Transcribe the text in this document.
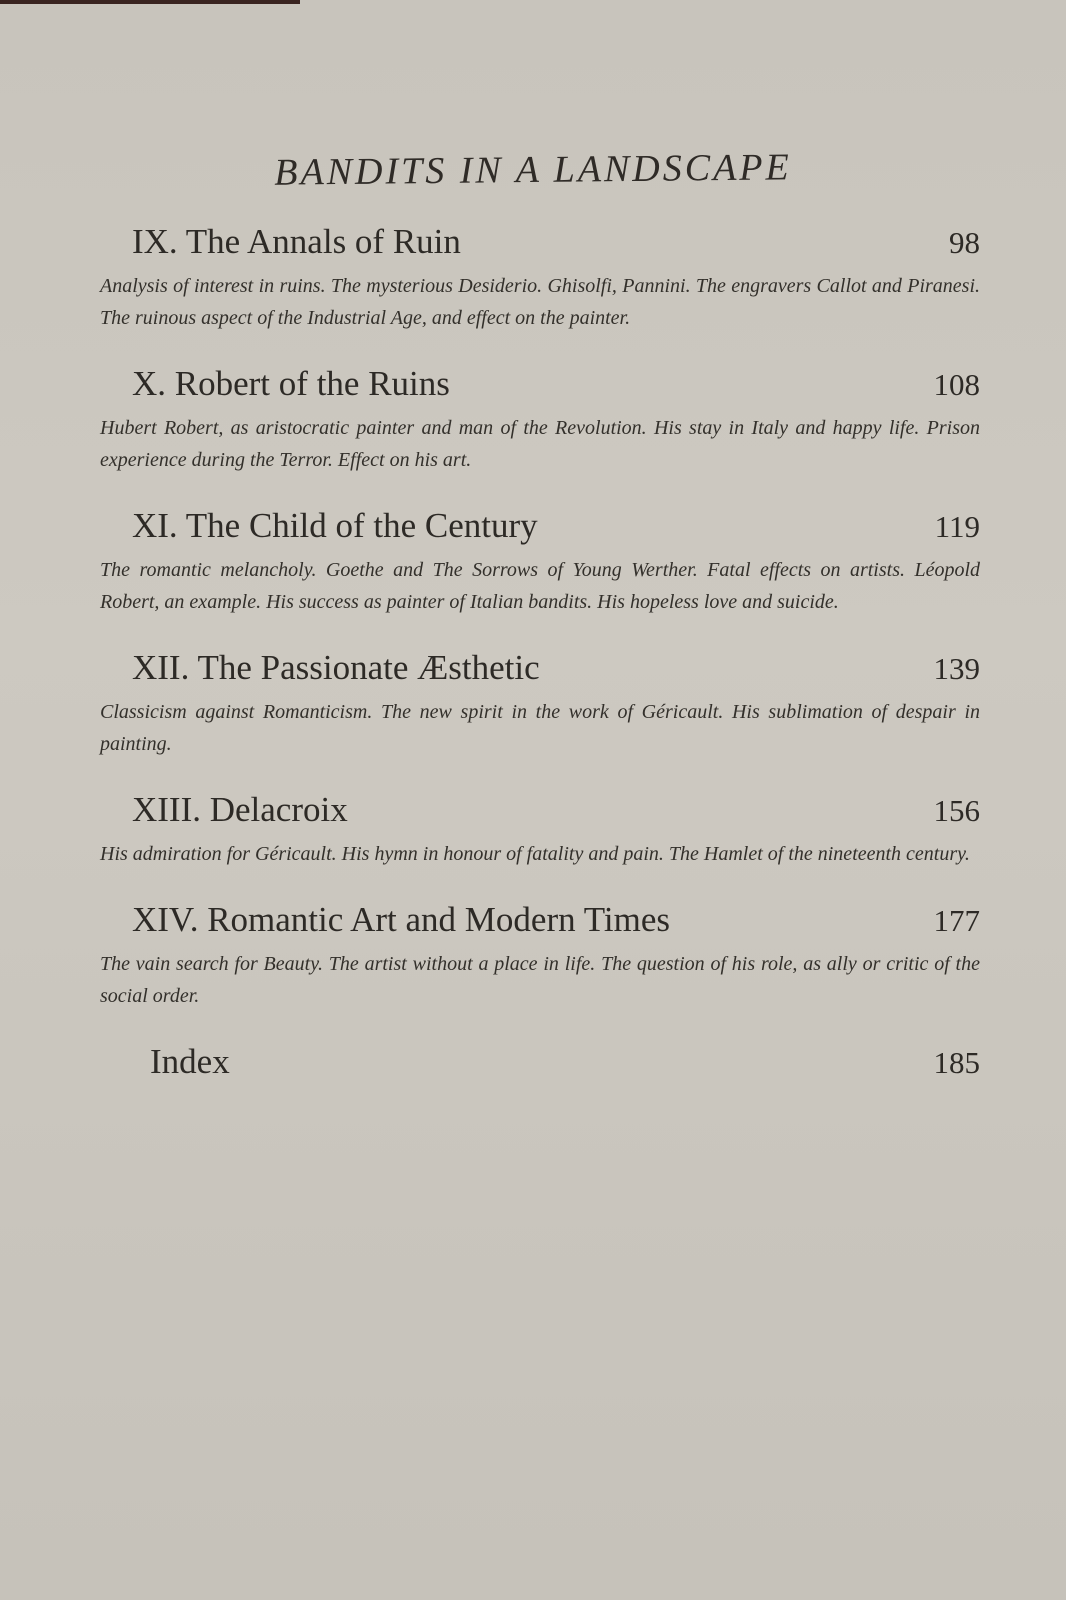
BANDITS IN A LANDSCAPE
IX. The Annals of Ruin	98
Analysis of interest in ruins. The mysterious Desiderio. Ghisolfi, Pannini. The engravers Callot and Piranesi. The ruinous aspect of the Industrial Age, and effect on the painter.
X. Robert of the Ruins	108
Hubert Robert, as aristocratic painter and man of the Revolution. His stay in Italy and happy life. Prison experience during the Terror. Effect on his art.
XI. The Child of the Century	119
The romantic melancholy. Goethe and The Sorrows of Young Werther. Fatal effects on artists. Léopold Robert, an example. His success as painter of Italian bandits. His hopeless love and suicide.
XII. The Passionate Æsthetic	139
Classicism against Romanticism. The new spirit in the work of Géricault. His sublimation of despair in painting.
XIII. Delacroix	156
His admiration for Géricault. His hymn in honour of fatality and pain. The Hamlet of the nineteenth century.
XIV. Romantic Art and Modern Times	177
The vain search for Beauty. The artist without a place in life. The question of his role, as ally or critic of the social order.
Index	185
